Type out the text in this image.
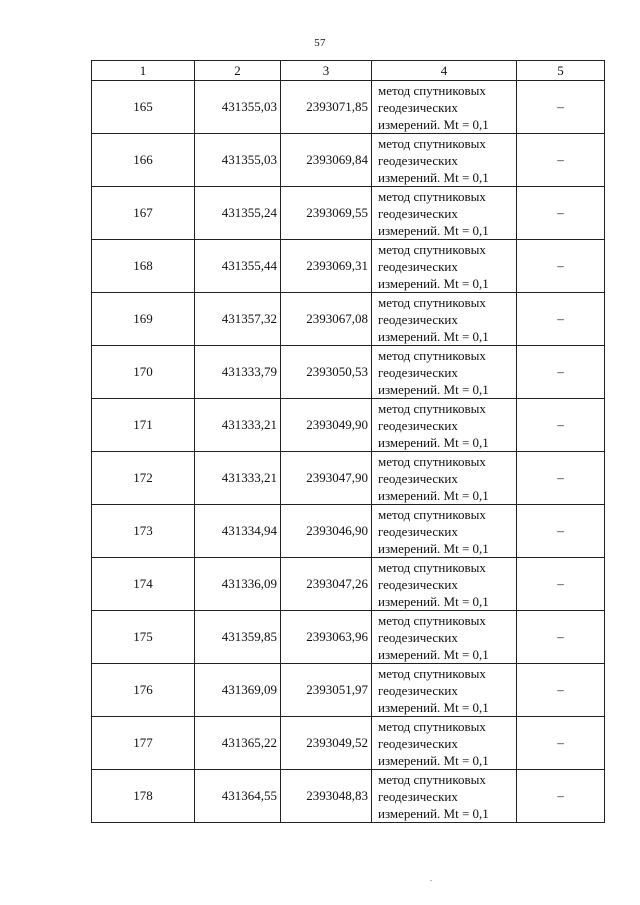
57
1	2	3	4	5
165	431355,03	2393071,85	метод спутниковых
геодезических
измерений. Mt = 0,1	–
166	431355,03	2393069,84	метод спутниковых
геодезических
измерений. Mt = 0,1	–
167	431355,24	2393069,55	метод спутниковых
геодезических
измерений. Mt = 0,1	–
168	431355,44	2393069,31	метод спутниковых
геодезических
измерений. Mt = 0,1	–
169	431357,32	2393067,08	метод спутниковых
геодезических
измерений. Mt = 0,1	–
170	431333,79	2393050,53	метод спутниковых
геодезических
измерений. Mt = 0,1	–
171	431333,21	2393049,90	метод спутниковых
геодезических
измерений. Mt = 0,1	–
172	431333,21	2393047,90	метод спутниковых
геодезических
измерений. Mt = 0,1	–
173	431334,94	2393046,90	метод спутниковых
геодезических
измерений. Mt = 0,1	–
174	431336,09	2393047,26	метод спутниковых
геодезических
измерений. Mt = 0,1	–
175	431359,85	2393063,96	метод спутниковых
геодезических
измерений. Mt = 0,1	–
176	431369,09	2393051,97	метод спутниковых
геодезических
измерений. Mt = 0,1	–
177	431365,22	2393049,52	метод спутниковых
геодезических
измерений. Mt = 0,1	–
178	431364,55	2393048,83	метод спутниковых
геодезических
измерений. Mt = 0,1	–
